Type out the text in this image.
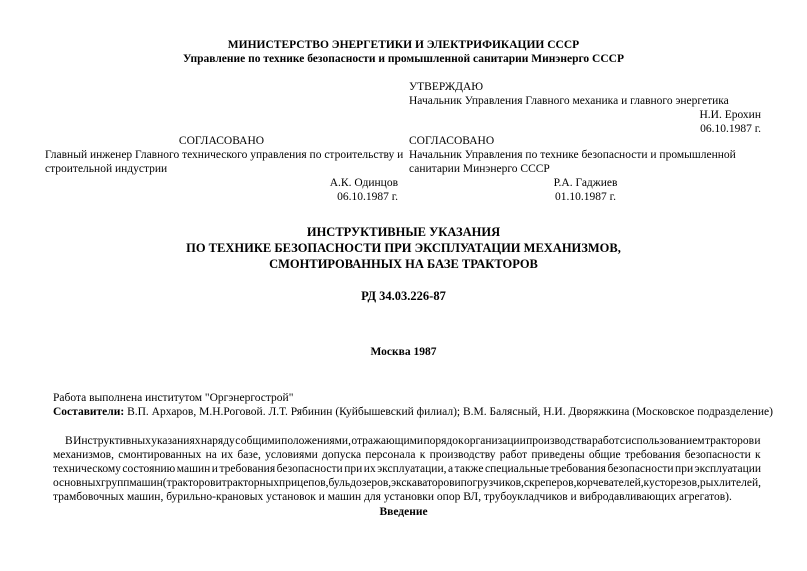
МИНИСТЕРСТВО ЭНЕРГЕТИКИ И ЭЛЕКТРИФИКАЦИИ СССР
Управление по технике безопасности и промышленной санитарии Минэнерго СССР
УТВЕРЖДАЮ
Начальник Управления Главного механика и главного энергетика
Н.И. Ерохин
06.10.1987 г.
СОГЛАСОВАНО
Главный инженер Главного технического управления по строительству и
строительной индустрии
А.К. Одинцов
06.10.1987 г.
СОГЛАСОВАНО
Начальник Управления по технике безопасности и промышленной
санитарии Минэнерго СССР
Р.А. Гаджиев
01.10.1987 г.
ИНСТРУКТИВНЫЕ УКАЗАНИЯ
ПО ТЕХНИКЕ БЕЗОПАСНОСТИ ПРИ ЭКСПЛУАТАЦИИ МЕХАНИЗМОВ,
СМОНТИРОВАННЫХ НА БАЗЕ ТРАКТОРОВ
РД 34.03.226-87
Москва 1987
Работа выполнена институтом "Оргэнергострой"
Составители: В.П. Архаров, М.Н.Роговой. Л.Т. Рябинин (Куйбышевский филиал); В.М. Балясный, Н.И. Дворяжкина (Московское подразделение)
В Инструктивных указаниях наряду с общими положениями, отражающими порядок организации производства работ с использованием тракторов и
механизмов, смонтированных на их базе, условиями допуска персонала к производству работ приведены общие требования безопасности к
техническому состоянию машин и требования безопасности при их эксплуатации, а также специальные требования безопасности при эксплуатации
основных групп машин (тракторов и тракторных при цепов, бульдозеров, экскаваторов и погрузчиков, скреперов, корчевателей, кусторезов, рыхлителей,
трамбовочных машин, бурильно-крановых установок и машин для установки опор ВЛ, трубоукладчиков и вибродавливающих агрегатов).
Введение
